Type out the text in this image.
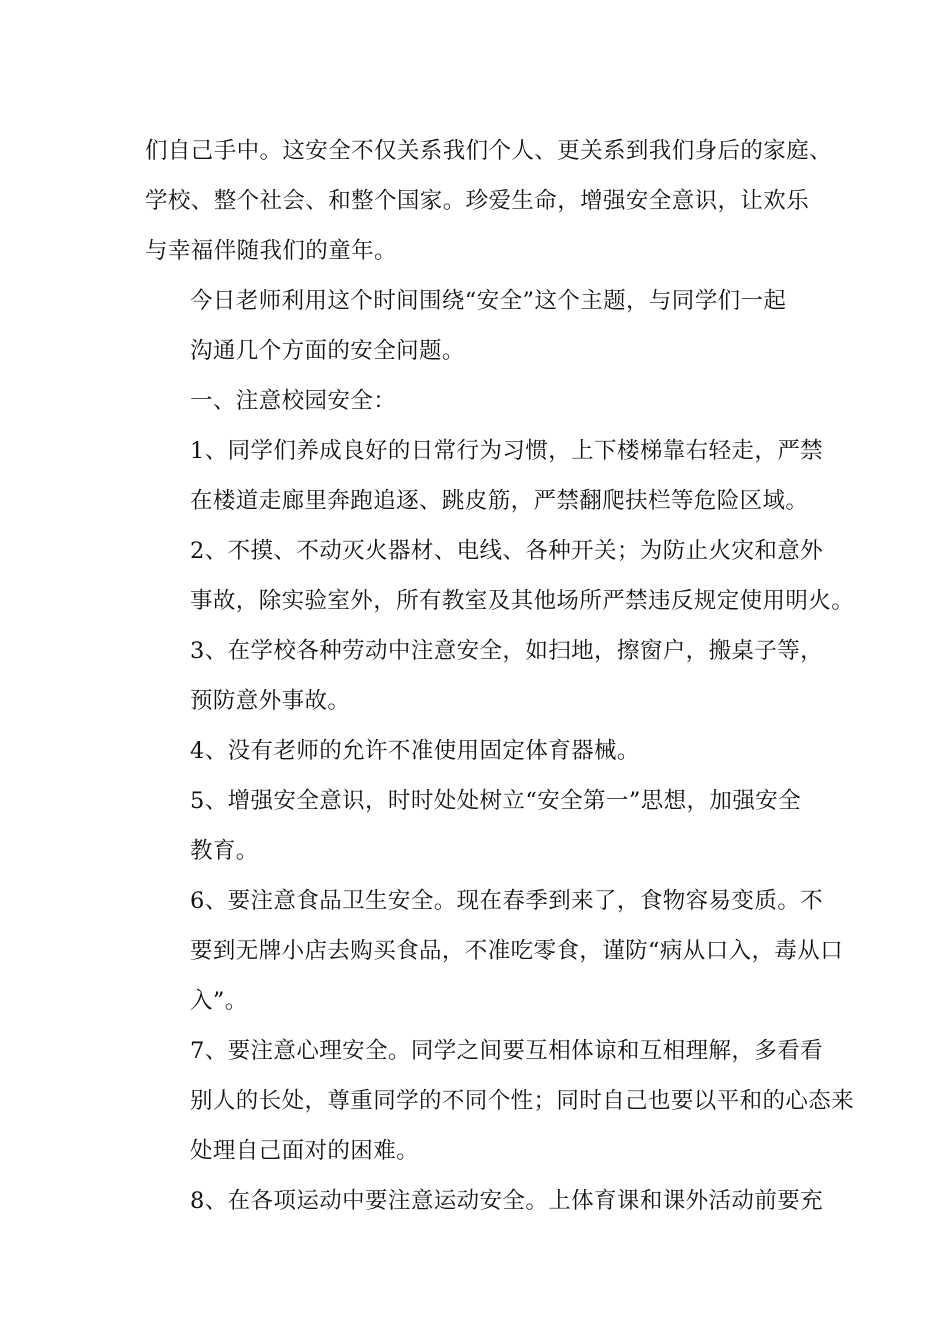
们自己手中。这安全不仅关系我们个人、更关系到我们身后的家庭、
学校、整个社会、和整个国家。珍爱生命，增强安全意识，让欢乐
与幸福伴随我们的童年。

今日老师利用这个时间围绕“安全”这个主题，与同学们一起
沟通几个方面的安全问题。

一、注意校园安全：

1、同学们养成良好的日常行为习惯，上下楼梯靠右轻走，严禁
在楼道走廊里奔跑追逐、跳皮筋，严禁翻爬扶栏等危险区域。

2、不摸、不动灭火器材、电线、各种开关；为防止火灾和意外
事故，除实验室外，所有教室及其他场所严禁违反规定使用明火。

3、在学校各种劳动中注意安全，如扫地，擦窗户，搬桌子等，
预防意外事故。

4、没有老师的允许不准使用固定体育器械。

5、增强安全意识，时时处处树立“安全第一”思想，加强安全
教育。

6、要注意食品卫生安全。现在春季到来了，食物容易变质。不
要到无牌小店去购买食品，不准吃零食，谨防“病从口入，毒从口
入”。

7、要注意心理安全。同学之间要互相体谅和互相理解，多看看
别人的长处，尊重同学的不同个性；同时自己也要以平和的心态来
处理自己面对的困难。

8、在各项运动中要注意运动安全。上体育课和课外活动前要充
